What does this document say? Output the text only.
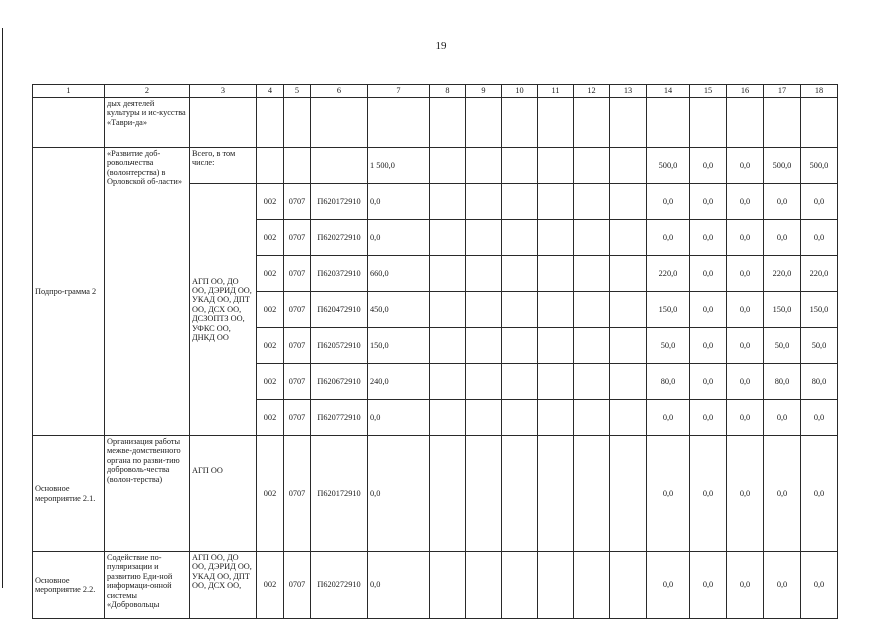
19
1	2	3	4	5	6	7	8	9	10	11	12	13	14	15	16	17	18
	дых деятелей культуры и ис-кусства «Таври-да»																
Подпро-грамма 2	«Развитие доб-ровольчества (волонтерства) в Орловской об-ласти»	Всего, в том числе:				1 500,0							500,0	0,0	0,0	500,0	500,0
		АГП ОО, ДО ОО, ДЭРИД ОО, УКАД ОО, ДПТ ОО, ДСХ ОО, ДСЗОПТЗ ОО, УФКС ОО, ДНКД ОО	002	0707	П620172910	0,0							0,0	0,0	0,0	0,0	0,0
			002	0707	П620272910	0,0							0,0	0,0	0,0	0,0	0,0
			002	0707	П620372910	660,0							220,0	0,0	0,0	220,0	220,0
			002	0707	П620472910	450,0							150,0	0,0	0,0	150,0	150,0
			002	0707	П620572910	150,0							50,0	0,0	0,0	50,0	50,0
			002	0707	П620672910	240,0							80,0	0,0	0,0	80,0	80,0
			002	0707	П620772910	0,0							0,0	0,0	0,0	0,0	0,0
Основное мероприятие 2.1.	Организация работы межве-домственного органа по разви-тию доброволь-чества (волон-терства)	АГП ОО	002	0707	П620172910	0,0							0,0	0,0	0,0	0,0	0,0
Основное мероприятие 2.2.	Содействие по-пуляризации и развитию Еди-ной информаци-онной системы «Добровольцы	АГП ОО, ДО ОО, ДЭРИД ОО, УКАД ОО, ДПТ ОО, ДСХ ОО,	002	0707	П620272910	0,0							0,0	0,0	0,0	0,0	0,0
